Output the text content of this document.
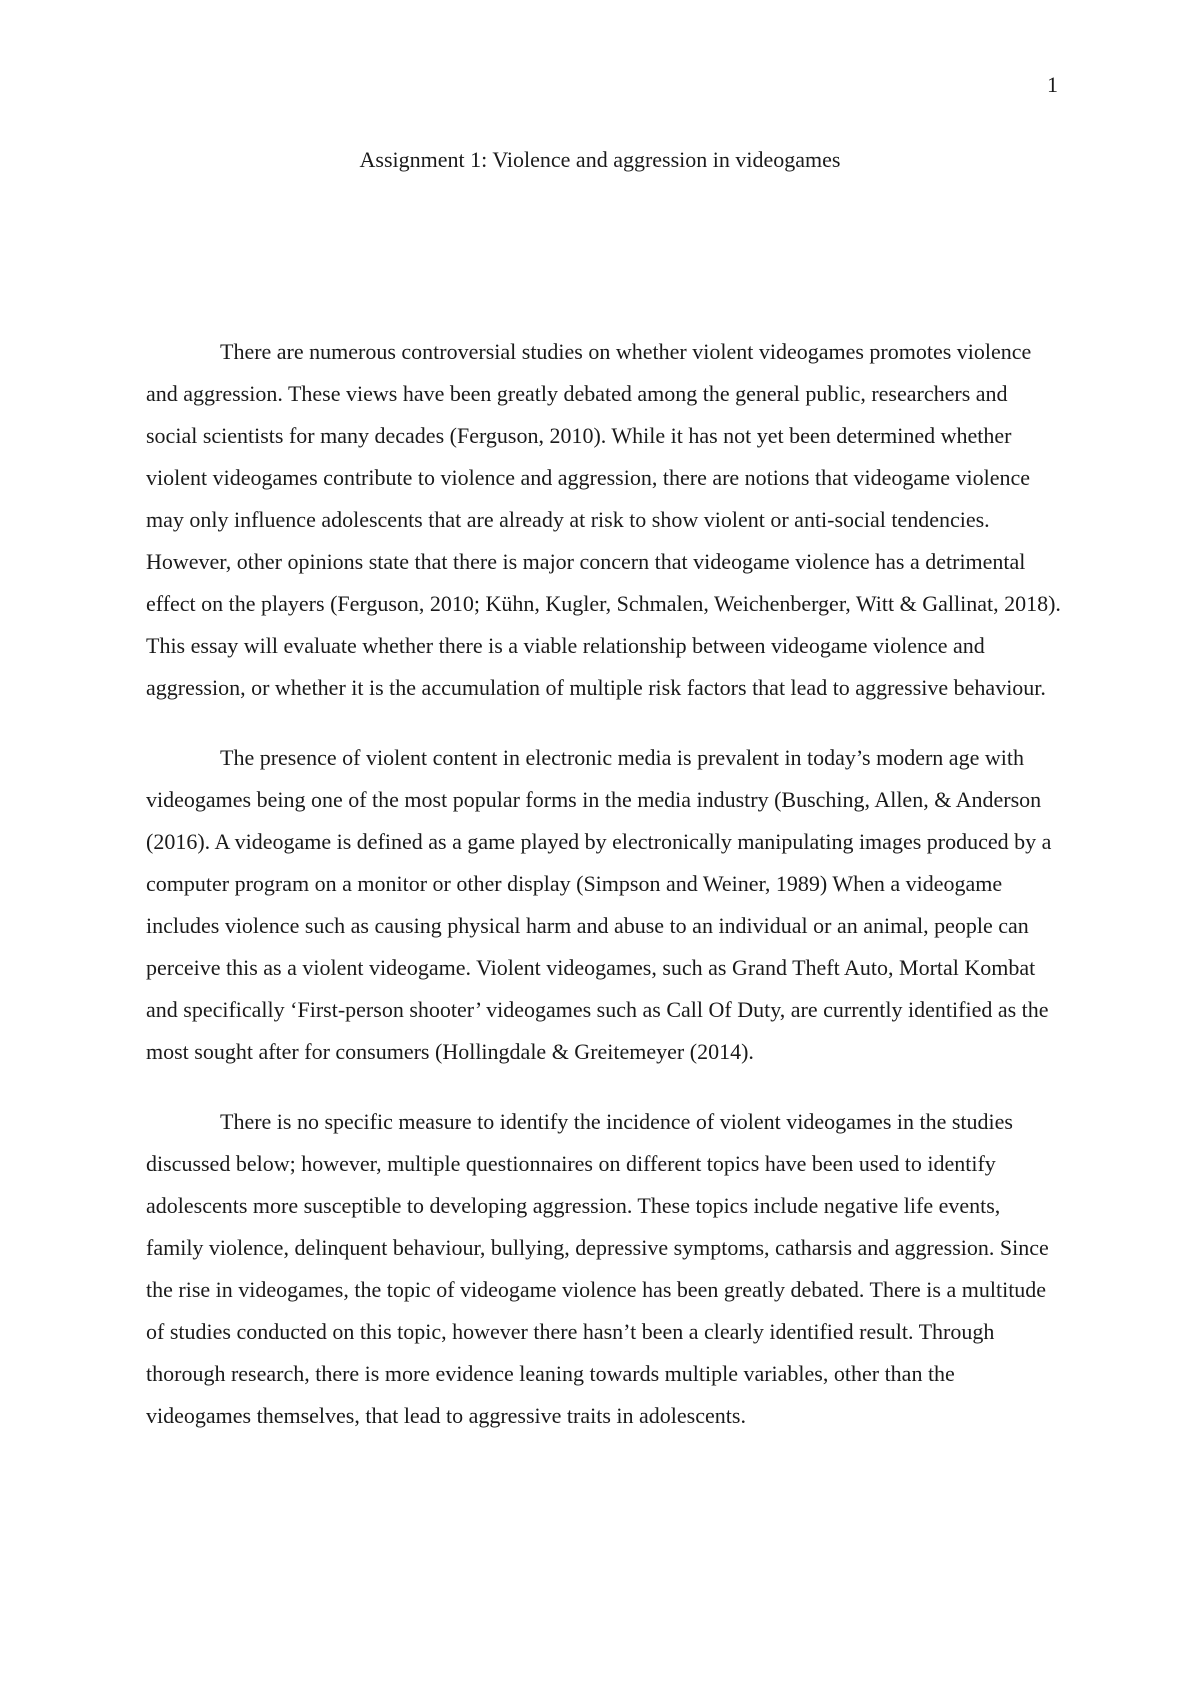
1
Assignment 1: Violence and aggression in videogames

There are numerous controversial studies on whether violent videogames promotes violence and aggression. These views have been greatly debated among the general public, researchers and social scientists for many decades (Ferguson, 2010). While it has not yet been determined whether violent videogames contribute to violence and aggression, there are notions that videogame violence may only influence adolescents that are already at risk to show violent or anti-social tendencies. However, other opinions state that there is major concern that videogame violence has a detrimental effect on the players (Ferguson, 2010; Kühn, Kugler, Schmalen, Weichenberger, Witt & Gallinat, 2018). This essay will evaluate whether there is a viable relationship between videogame violence and aggression, or whether it is the accumulation of multiple risk factors that lead to aggressive behaviour.

The presence of violent content in electronic media is prevalent in today’s modern age with videogames being one of the most popular forms in the media industry (Busching, Allen, & Anderson (2016). A videogame is defined as a game played by electronically manipulating images produced by a computer program on a monitor or other display (Simpson and Weiner, 1989) When a videogame includes violence such as causing physical harm and abuse to an individual or an animal, people can perceive this as a violent videogame. Violent videogames, such as Grand Theft Auto, Mortal Kombat and specifically ‘First-person shooter’ videogames such as Call Of Duty, are currently identified as the most sought after for consumers (Hollingdale & Greitemeyer (2014).

There is no specific measure to identify the incidence of violent videogames in the studies discussed below; however, multiple questionnaires on different topics have been used to identify adolescents more susceptible to developing aggression. These topics include negative life events, family violence, delinquent behaviour, bullying, depressive symptoms, catharsis and aggression. Since the rise in videogames, the topic of videogame violence has been greatly debated. There is a multitude of studies conducted on this topic, however there hasn’t been a clearly identified result. Through thorough research, there is more evidence leaning towards multiple variables, other than the videogames themselves, that lead to aggressive traits in adolescents.
